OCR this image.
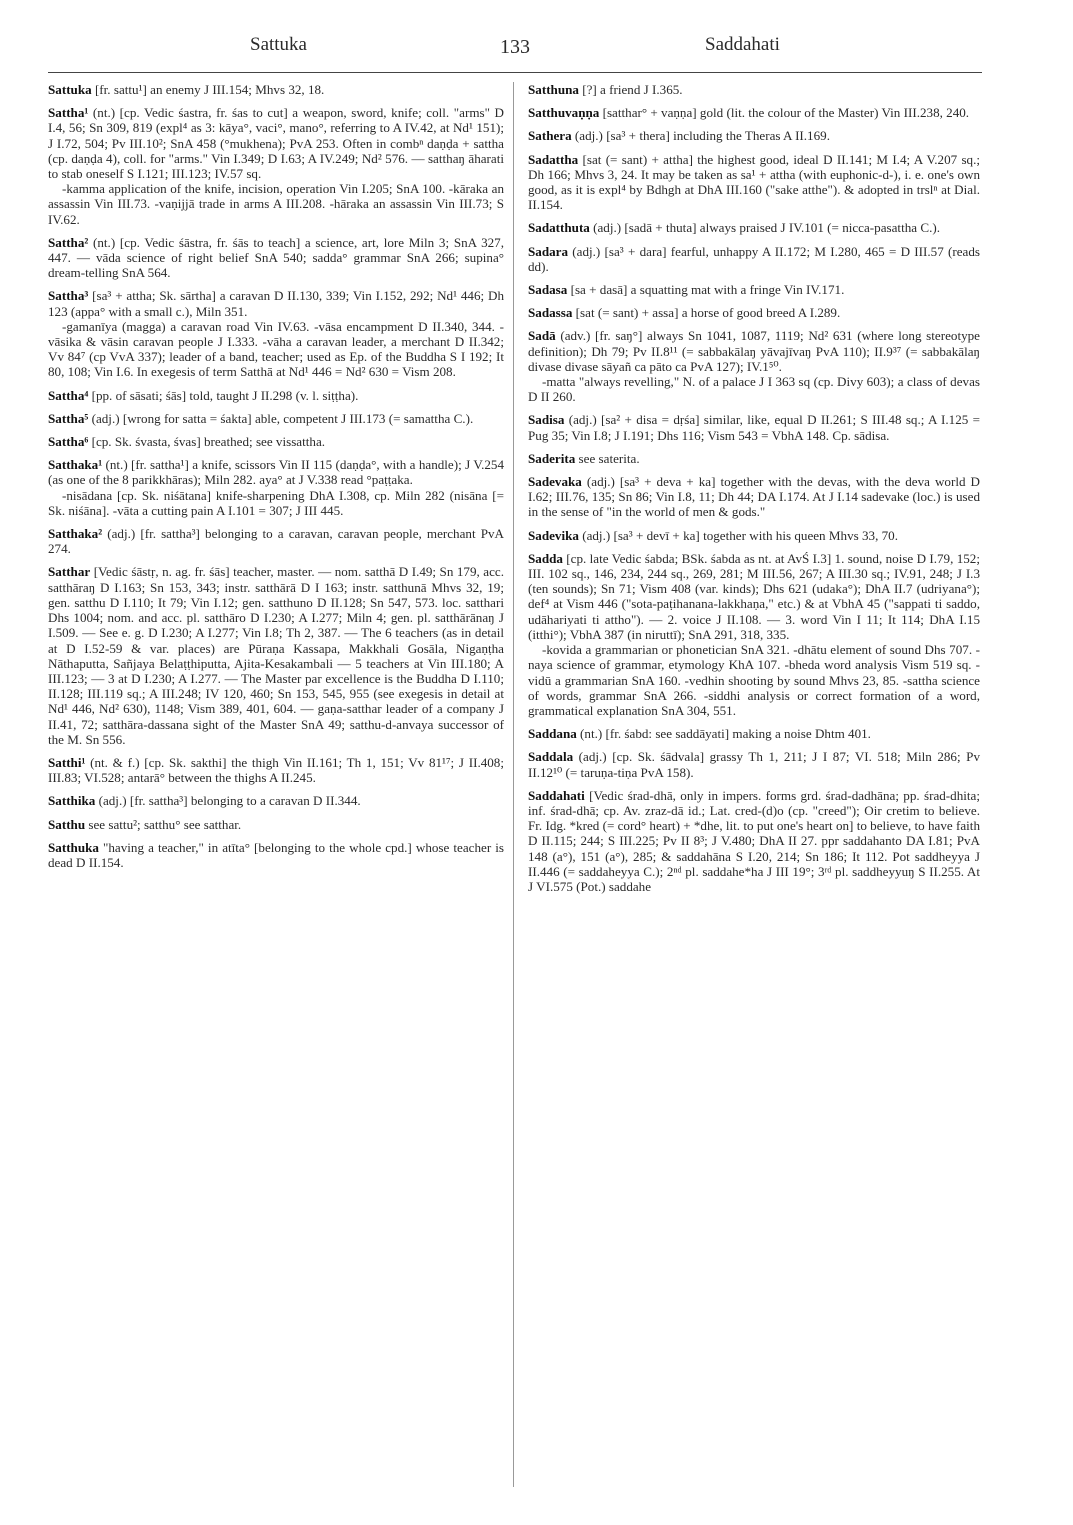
Sattuka	133	Saddahati
Sattuka [fr. sattu¹] an enemy J III.154; Mhvs 32, 18.
Sattha¹ (nt.) [cp. Vedic śastra, fr. śas to cut] a weapon, sword, knife; coll. "arms" D I.4, 56; Sn 309, 819 (expl⁴ as 3: kāya°, vaci°, mano°, referring to A IV.42, at Nd¹ 151); J I.72, 504; Pv III.10²; SnA 458 (°mukhena); PvA 253. Often in combⁿ daṇḍa + sattha (cp. daṇḍa 4), coll. for "arms." Vin I.349; D I.63; A IV.249; Nd² 576. — satthaŋ āharati to stab oneself S I.121; III.123; IV.57 sq.
-kamma application of the knife, incision, operation Vin I.205; SnA 100. -kāraka an assassin Vin III.73. -vaṇijjā trade in arms A III.208. -hāraka an assassin Vin III.73; S IV.62.
Sattha² (nt.) [cp. Vedic śāstra, fr. śās to teach] a science, art, lore Miln 3; SnA 327, 447. — vāda science of right belief SnA 540; sadda° grammar SnA 266; supina° dream-telling SnA 564.
Sattha³ [sa³ + attha; Sk. sārtha] a caravan D II.130, 339; Vin I.152, 292; Nd¹ 446; Dh 123 (appa° with a small c.), Miln 351.
-gamanīya (magga) a caravan road Vin IV.63. -vāsa encampment D II.340, 344. -vāsika & vāsin caravan people J I.333. -vāha a caravan leader, a merchant D II.342; Vv 84⁷ (cp VvA 337); leader of a band, teacher; used as Ep. of the Buddha S I 192; It 80, 108; Vin I.6. In exegesis of term Satthā at Nd¹ 446 = Nd² 630 = Vism 208.
Sattha⁴ [pp. of sāsati; śās] told, taught J II.298 (v. l. siṭṭha).
Sattha⁵ (adj.) [wrong for satta = śakta] able, competent J III.173 (= samattha C.).
Sattha⁶ [cp. Sk. śvasta, śvas] breathed; see vissattha.
Satthaka¹ (nt.) [fr. sattha¹] a knife, scissors Vin II 115 (daṇḍa°, with a handle); J V.254 (as one of the 8 parikkhāras); Miln 282. aya° at J V.338 read °paṭṭaka.
-nisādana [cp. Sk. niśātana] knife-sharpening DhA I.308, cp. Miln 282 (nisāna [= Sk. niśāna]. -vāta a cutting pain A I.101 = 307; J III 445.
Satthaka² (adj.) [fr. sattha³] belonging to a caravan, caravan people, merchant PvA 274.
Satthar [Vedic śāstṛ, n. ag. fr. śās] teacher, master. — nom. satthā D I.49; Sn 179, acc. satthāraŋ D I.163; Sn 153, 343; instr. satthārā D I 163; instr. satthunā Mhvs 32, 19; gen. satthu D I.110; It 79; Vin I.12; gen. satthuno D II.128; Sn 547, 573. loc. satthari Dhs 1004; nom. and acc. pl. satthāro D I.230; A I.277; Miln 4; gen. pl. satthārānaŋ J I.509. — See e. g. D I.230; A I.277; Vin I.8; Th 2, 387. — The 6 teachers (as in detail at D I.52-59 & var. places) are Pūraṇa Kassapa, Makkhali Gosāla, Nigaṇṭha Nāthaputta, Sañjaya Belaṭṭhiputta, Ajita-Kesakambali — 5 teachers at Vin III.180; A III.123; — 3 at D I.230; A I.277. — The Master par excellence is the Buddha D I.110; II.128; III.119 sq.; A III.248; IV 120, 460; Sn 153, 545, 955 (see exegesis in detail at Nd¹ 446, Nd² 630), 1148; Vism 389, 401, 604. — gaṇa-satthar leader of a company J II.41, 72; satthāra-dassana sight of the Master SnA 49; satthu-d-anvaya successor of the M. Sn 556.
Satthi¹ (nt. & f.) [cp. Sk. sakthi] the thigh Vin II.161; Th 1, 151; Vv 81¹⁷; J II.408; III.83; VI.528; antarā° between the thighs A II.245.
Satthika (adj.) [fr. sattha³] belonging to a caravan D II.344.
Satthu see sattu²; satthu° see satthar.
Satthuka "having a teacher," in atīta° [belonging to the whole cpd.] whose teacher is dead D II.154.
Satthuna [?] a friend J I.365.
Satthuvaṇṇa [satthar° + vaṇṇa] gold (lit. the colour of the Master) Vin III.238, 240.
Sathera (adj.) [sa³ + thera] including the Theras A II.169.
Sadattha [sat (= sant) + attha] the highest good, ideal D II.141; M I.4; A V.207 sq.; Dh 166; Mhvs 3, 24. It may be taken as sa¹ + attha (with euphonic-d-), i. e. one's own good, as it is expl⁴ by Bdhgh at DhA III.160 ("sake atthe"). & adopted in trslⁿ at Dial. II.154.
Sadatthuta (adj.) [sadā + thuta] always praised J IV.101 (= nicca-pasattha C.).
Sadara (adj.) [sa³ + dara] fearful, unhappy A II.172; M I.280, 465 = D III.57 (reads dd).
Sadasa [sa + dasā] a squatting mat with a fringe Vin IV.171.
Sadassa [sat (= sant) + assa] a horse of good breed A I.289.
Sadā (adv.) [fr. saŋ°] always Sn 1041, 1087, 1119; Nd² 631 (where long stereotype definition); Dh 79; Pv II.8¹¹ (= sabbakālaŋ yāvajīvaŋ PvA 110); II.9³⁷ (= sabbakālaŋ divase divase sāyañ ca pāto ca PvA 127); IV.1⁵⁰.
-matta "always revelling," N. of a palace J I 363 sq (cp. Divy 603); a class of devas D II 260.
Sadisa (adj.) [sa² + disa = dṛśa] similar, like, equal D II.261; S III.48 sq.; A I.125 = Pug 35; Vin I.8; J I.191; Dhs 116; Vism 543 = VbhA 148. Cp. sādisa.
Saderita see saterita.
Sadevaka (adj.) [sa³ + deva + ka] together with the devas, with the deva world D I.62; III.76, 135; Sn 86; Vin I.8, 11; Dh 44; DA I.174. At J I.14 sadevake (loc.) is used in the sense of "in the world of men & gods."
Sadevika (adj.) [sa³ + devī + ka] together with his queen Mhvs 33, 70.
Sadda [cp. late Vedic śabda; BSk. śabda as nt. at AvŚ I.3] 1. sound, noise D I.79, 152; III. 102 sq., 146, 234, 244 sq., 269, 281; M III.56, 267; A III.30 sq.; IV.91, 248; J I.3 (ten sounds); Sn 71; Vism 408 (var. kinds); Dhs 621 (udaka°); DhA II.7 (udriyana°); def⁴ at Vism 446 ("sota-paṭihanana-lakkhaṇa," etc.) & at VbhA 45 ("sappati ti saddo, udāhariyati ti attho"). — 2. voice J II.108. — 3. word Vin I 11; It 114; DhA I.15 (itthi°); VbhA 387 (in niruttī); SnA 291, 318, 335.
-kovida a grammarian or phonetician SnA 321. -dhātu element of sound Dhs 707. -naya science of grammar, etymology KhA 107. -bheda word analysis Vism 519 sq. -vidū a grammarian SnA 160. -vedhin shooting by sound Mhvs 23, 85. -sattha science of words, grammar SnA 266. -siddhi analysis or correct formation of a word, grammatical explanation SnA 304, 551.
Saddana (nt.) [fr. śabd: see saddāyati] making a noise Dhtm 401.
Saddala (adj.) [cp. Sk. śādvala] grassy Th 1, 211; J I 87; VI. 518; Miln 286; Pv II.12¹⁰ (= taruṇa-tiṇa PvA 158).
Saddahati [Vedic śrad-dhā, only in impers. forms grd. śrad-dadhāna; pp. śrad-dhita; inf. śrad-dhā; cp. Av. zraz-dā id.; Lat. cred-(d)o (cp. "creed"); Oir cretim to believe. Fr. Idg. *kred (= cord° heart) + *dhe, lit. to put one's heart on] to believe, to have faith D II.115; 244; S III.225; Pv II 8³; J V.480; DhA II 27. ppr saddahanto DA I.81; PvA 148 (a°), 151 (a°), 285; & saddahāna S I.20, 214; Sn 186; It 112. Pot saddheyya J II.446 (= saddaheyya C.); 2ⁿᵈ pl. saddahe*ha J III 19°; 3ʳᵈ pl. saddheyyuŋ S II.255. At J VI.575 (Pot.) saddahe
